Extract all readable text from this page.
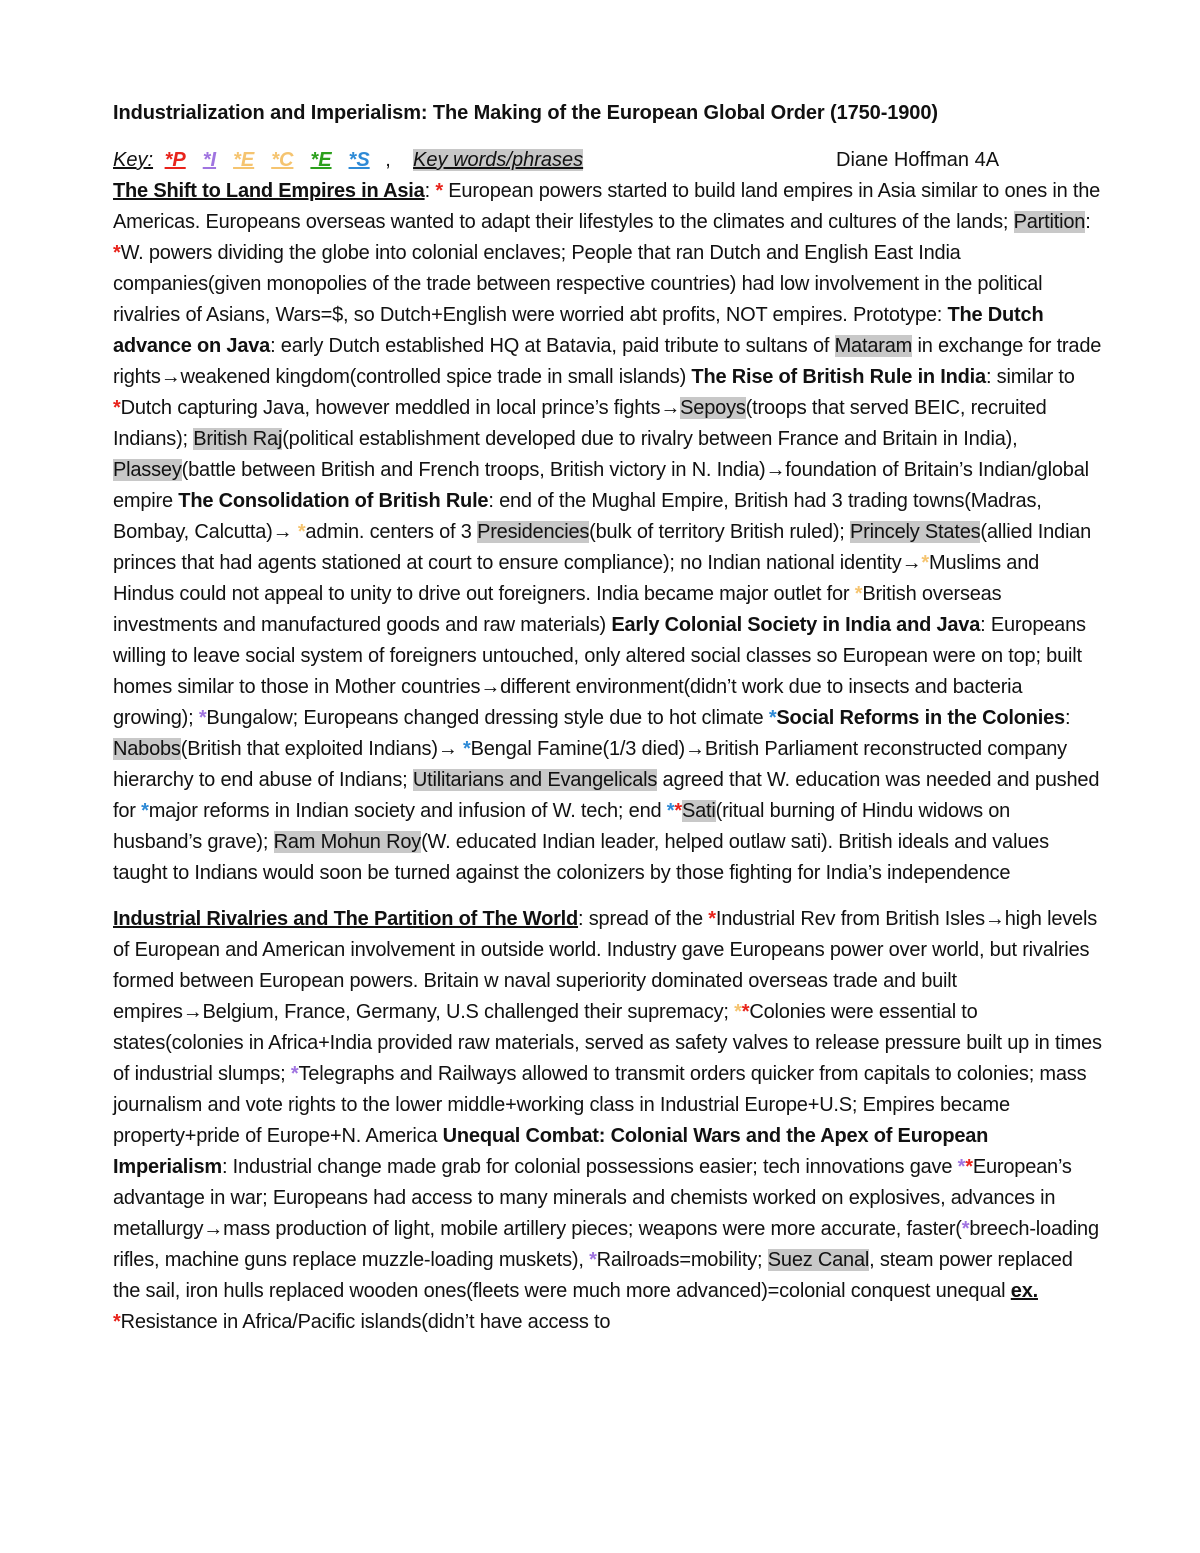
Industrialization and Imperialism: The Making of the European Global Order (1750-1900)
Key: *P *I *E *C *E *S , Key words/phrases	Diane Hoffman 4A

The Shift to Land Empires in Asia: * European powers started to build land empires in Asia similar to ones in the Americas. Europeans overseas wanted to adapt their lifestyles to the climates and cultures of the lands; Partition: *W. powers dividing the globe into colonial enclaves; People that ran Dutch and English East India companies(given monopolies of the trade between respective countries) had low involvement in the political rivalries of Asians, Wars=$, so Dutch+English were worried abt profits, NOT empires. Prototype: The Dutch advance on Java: early Dutch established HQ at Batavia, paid tribute to sultans of Mataram in exchange for trade rights→weakened kingdom(controlled spice trade in small islands) The Rise of British Rule in India: similar to *Dutch capturing Java, however meddled in local prince’s fights→Sepoys(troops that served BEIC, recruited Indians); British Raj(political establishment developed due to rivalry between France and Britain in India), Plassey(battle between British and French troops, British victory in N. India)→foundation of Britain’s Indian/global empire The Consolidation of British Rule: end of the Mughal Empire, British had 3 trading towns(Madras, Bombay, Calcutta)→ *admin. centers of 3 Presidencies(bulk of territory British ruled); Princely States(allied Indian princes that had agents stationed at court to ensure compliance); no Indian national identity→*Muslims and Hindus could not appeal to unity to drive out foreigners. India became major outlet for *British overseas investments and manufactured goods and raw materials) Early Colonial Society in India and Java: Europeans willing to leave social system of foreigners untouched, only altered social classes so European were on top; built homes similar to those in Mother countries→different environment(didn’t work due to insects and bacteria growing); *Bungalow; Europeans changed dressing style due to hot climate *Social Reforms in the Colonies: Nabobs(British that exploited Indians)→ *Bengal Famine(1/3 died)→British Parliament reconstructed company hierarchy to end abuse of Indians; Utilitarians and Evangelicals agreed that W. education was needed and pushed for *major reforms in Indian society and infusion of W. tech; end **Sati(ritual burning of Hindu widows on husband’s grave); Ram Mohun Roy(W. educated Indian leader, helped outlaw sati). British ideals and values taught to Indians would soon be turned against the colonizers by those fighting for India’s independence

Industrial Rivalries and The Partition of The World: spread of the *Industrial Rev from British Isles→high levels of European and American involvement in outside world. Industry gave Europeans power over world, but rivalries formed between European powers. Britain w naval superiority dominated overseas trade and built empires→Belgium, France, Germany, U.S challenged their supremacy; **Colonies were essential to states(colonies in Africa+India provided raw materials, served as safety valves to release pressure built up in times of industrial slumps; *Telegraphs and Railways allowed to transmit orders quicker from capitals to colonies; mass journalism and vote rights to the lower middle+working class in Industrial Europe+U.S; Empires became property+pride of Europe+N. America Unequal Combat: Colonial Wars and the Apex of European Imperialism: Industrial change made grab for colonial possessions easier; tech innovations gave **European’s advantage in war; Europeans had access to many minerals and chemists worked on explosives, advances in metallurgy→mass production of light, mobile artillery pieces; weapons were more accurate, faster(*breech-loading rifles, machine guns replace muzzle-loading muskets), *Railroads=mobility; Suez Canal, steam power replaced the sail, iron hulls replaced wooden ones(fleets were much more advanced)=colonial conquest unequal ex. *Resistance in Africa/Pacific islands(didn’t have access to
